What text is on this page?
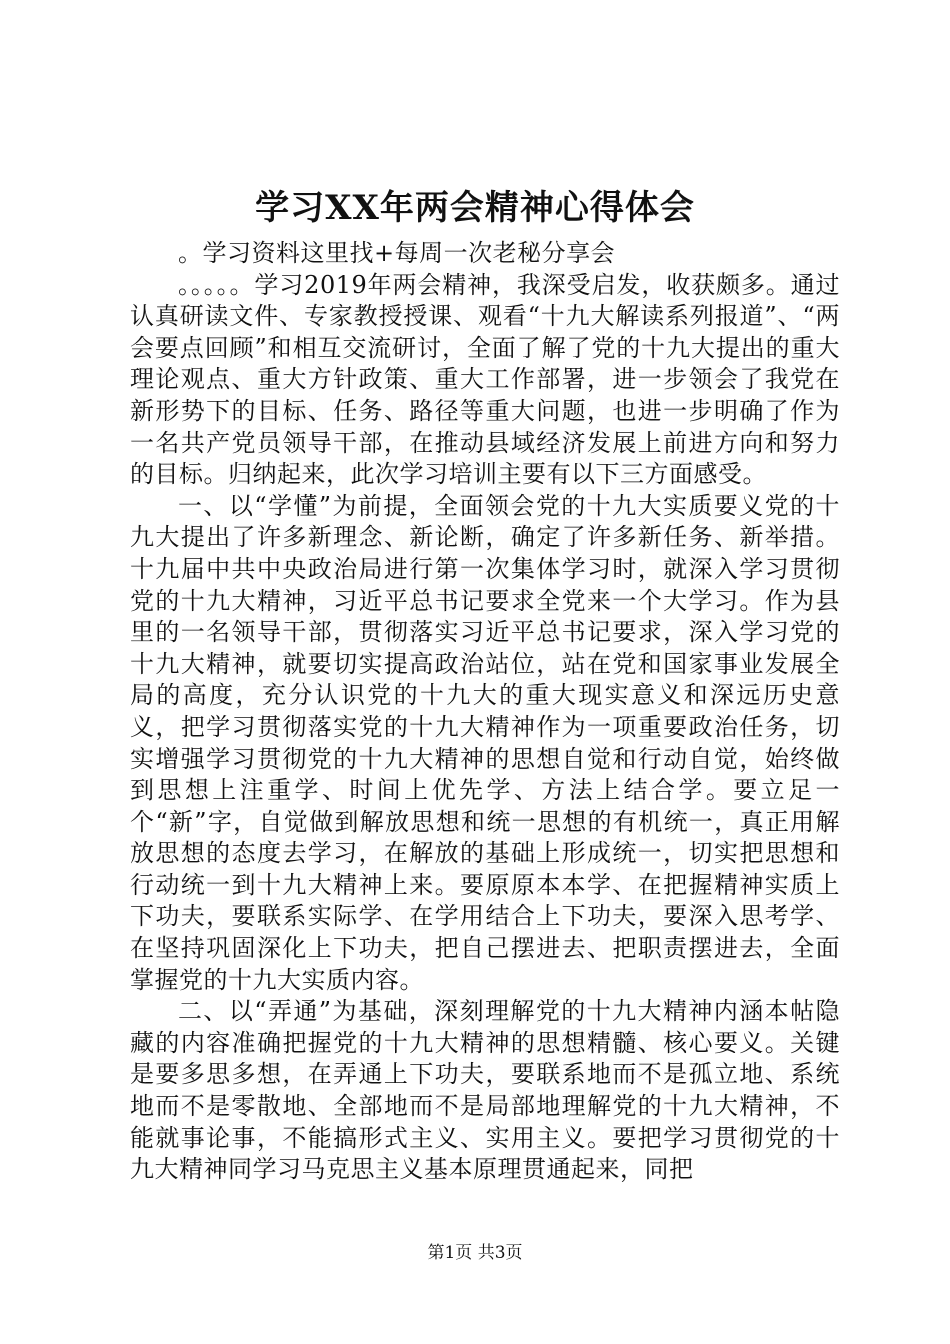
学习XX年两会精神心得体会

。学习资料这里找+每周一次老秘分享会

。。。。。学习2019年两会精神，我深受启发，收获颇多。通过认真研读文件、专家教授授课、观看“十九大解读系列报道”、“两会要点回顾”和相互交流研讨，全面了解了党的十九大提出的重大理论观点、重大方针政策、重大工作部署，进一步领会了我党在新形势下的目标、任务、路径等重大问题，也进一步明确了作为一名共产党员领导干部，在推动县域经济发展上前进方向和努力的目标。归纳起来，此次学习培训主要有以下三方面感受。

一、以“学懂”为前提，全面领会党的十九大实质要义党的十九大提出了许多新理念、新论断，确定了许多新任务、新举措。十九届中共中央政治局进行第一次集体学习时，就深入学习贯彻党的十九大精神，习近平总书记要求全党来一个大学习。作为县里的一名领导干部，贯彻落实习近平总书记要求，深入学习党的十九大精神，就要切实提高政治站位，站在党和国家事业发展全局的高度，充分认识党的十九大的重大现实意义和深远历史意义，把学习贯彻落实党的十九大精神作为一项重要政治任务，切实增强学习贯彻党的十九大精神的思想自觉和行动自觉，始终做到思想上注重学、时间上优先学、方法上结合学。要立足一个“新”字，自觉做到解放思想和统一思想的有机统一，真正用解放思想的态度去学习，在解放的基础上形成统一，切实把思想和行动统一到十九大精神上来。要原原本本学、在把握精神实质上下功夫，要联系实际学、在学用结合上下功夫，要深入思考学、在坚持巩固深化上下功夫，把自己摆进去、把职责摆进去，全面掌握党的十九大实质内容。

二、以“弄通”为基础，深刻理解党的十九大精神内涵本帖隐藏的内容准确把握党的十九大精神的思想精髓、核心要义。关键是要多思多想，在弄通上下功夫，要联系地而不是孤立地、系统地而不是零散地、全部地而不是局部地理解党的十九大精神，不能就事论事，不能搞形式主义、实用主义。要把学习贯彻党的十九大精神同学习马克思主义基本原理贯通起来，同把

第1页 共3页
